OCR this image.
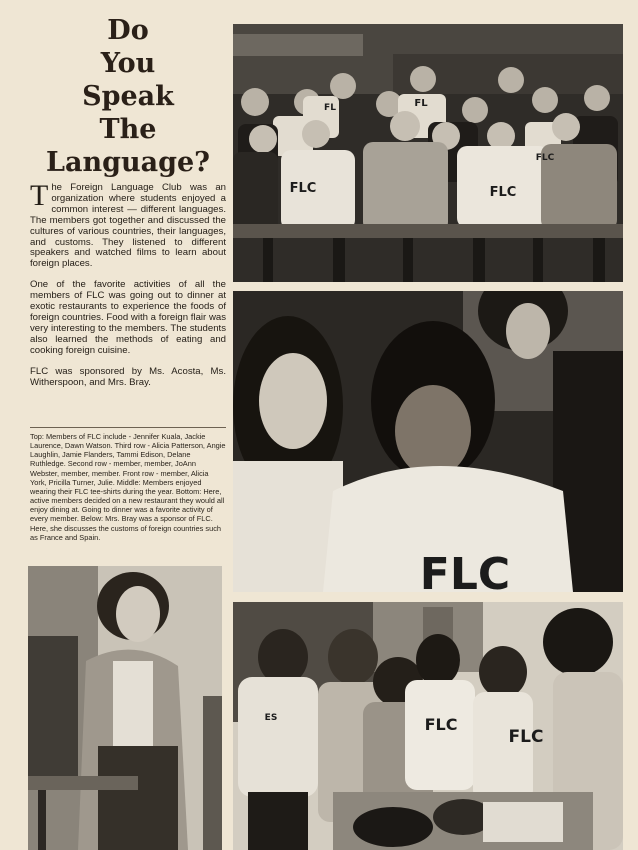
Do
You
Speak
The
Language?

The Foreign Language Club was an organization where students enjoyed a common interest — different languages. The members got together and discussed the cultures of various countries, their languages, and customs. They listened to different speakers and watched films to learn about foreign places.

One of the favorite activities of all the members of FLC was going out to dinner at exotic restaurants to experience the foods of foreign countries. Food with a foreign flair was very interesting to the members. The students also learned the methods of eating and cooking foreign cuisine.

FLC was sponsored by Ms. Acosta, Ms. Witherspoon, and Mrs. Bray.

Top: Members of FLC include - Jennifer Kuala, Jackie Laurence, Dawn Watson. Third row - Alicia Patterson, Angie Laughlin, Jamie Flanders, Tammi Edison, Delane Ruthledge. Second row - member, member, JoAnn Webster, member, member. Front row - member, Alicia York, Pricilla Turner, Julie. Middle: Members enjoyed wearing their FLC tee-shirts during the year. Bottom: Here, active members decided on a new restaurant they would all enjoy dining at. Going to dinner was a favorite activity of every member. Below: Mrs. Bray was a sponsor of FLC. Here, she discusses the customs of foreign countries such as France and Spain.
FLC	FLC
FLC
FL
FL
FLC
FLC
FLC
ES
